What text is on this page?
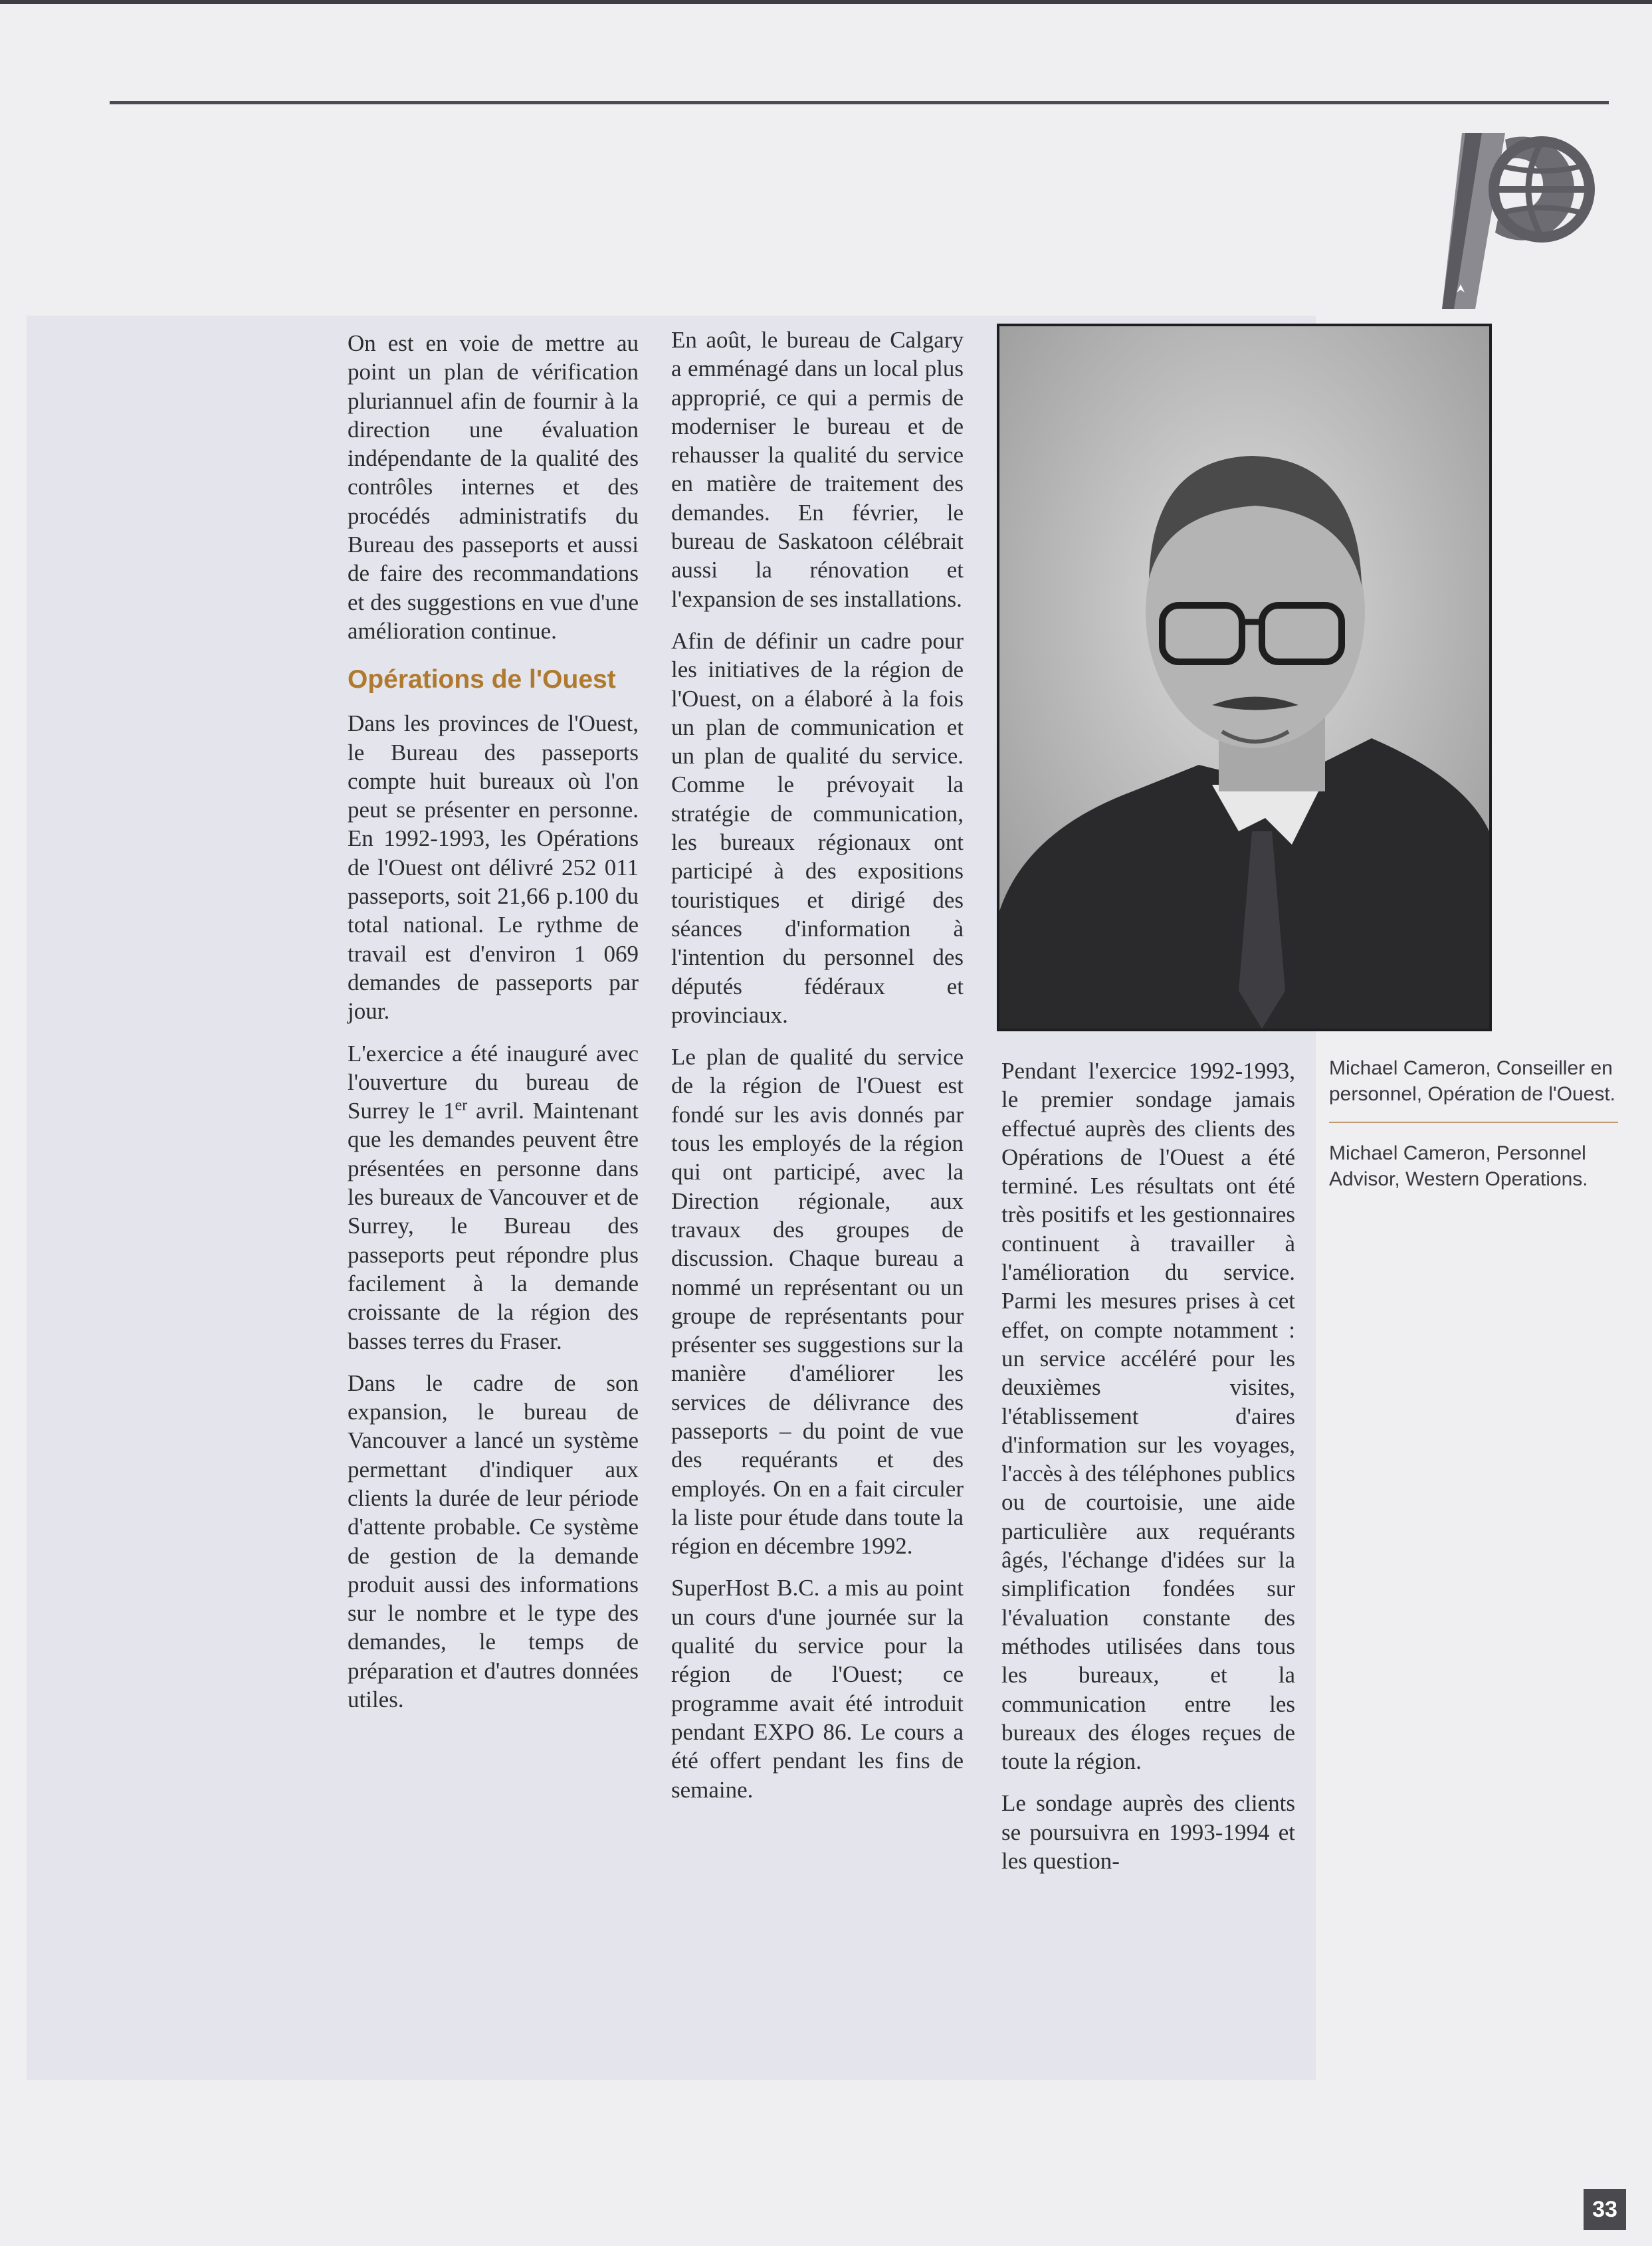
On est en voie de mettre au point un plan de vérification pluriannuel afin de fournir à la direction une évaluation indépendante de la qualité des contrôles internes et des procédés administratifs du Bureau des passeports et aussi de faire des recommandations et des suggestions en vue d'une amélioration continue.

Opérations de l'Ouest

Dans les provinces de l'Ouest, le Bureau des passeports compte huit bureaux où l'on peut se présenter en personne. En 1992-1993, les Opérations de l'Ouest ont délivré 252 011 passeports, soit 21,66 p.100 du total national. Le rythme de travail est d'environ 1 069 demandes de passeports par jour.

L'exercice a été inauguré avec l'ouverture du bureau de Surrey le 1er avril. Maintenant que les demandes peuvent être présentées en personne dans les bureaux de Vancouver et de Surrey, le Bureau des passeports peut répondre plus facilement à la demande croissante de la région des basses terres du Fraser.

Dans le cadre de son expansion, le bureau de Vancouver a lancé un système permettant d'indiquer aux clients la durée de leur période d'attente probable. Ce système de gestion de la demande produit aussi des informations sur le nombre et le type des demandes, le temps de préparation et d'autres données utiles.

En août, le bureau de Calgary a emménagé dans un local plus approprié, ce qui a permis de moderniser le bureau et de rehausser la qualité du service en matière de traitement des demandes. En février, le bureau de Saskatoon célébrait aussi la rénovation et l'expansion de ses installations.

Afin de définir un cadre pour les initiatives de la région de l'Ouest, on a élaboré à la fois un plan de communication et un plan de qualité du service. Comme le prévoyait la stratégie de communication, les bureaux régionaux ont participé à des expositions touristiques et dirigé des séances d'information à l'intention du personnel des députés fédéraux et provinciaux.

Le plan de qualité du service de la région de l'Ouest est fondé sur les avis donnés par tous les employés de la région qui ont participé, avec la Direction régionale, aux travaux des groupes de discussion. Chaque bureau a nommé un représentant ou un groupe de représentants pour présenter ses suggestions sur la manière d'améliorer les services de délivrance des passeports – du point de vue des requérants et des employés. On en a fait circuler la liste pour étude dans toute la région en décembre 1992.

SuperHost B.C. a mis au point un cours d'une journée sur la qualité du service pour la région de l'Ouest; ce programme avait été introduit pendant EXPO 86. Le cours a été offert pendant les fins de semaine.

Pendant l'exercice 1992-1993, le premier sondage jamais effectué auprès des clients des Opérations de l'Ouest a été terminé. Les résultats ont été très positifs et les gestionnaires continuent à travailler à l'amélioration du service. Parmi les mesures prises à cet effet, on compte notamment : un service accéléré pour les deuxièmes visites, l'établissement d'aires d'information sur les voyages, l'accès à des téléphones publics ou de courtoisie, une aide particulière aux requérants âgés, l'échange d'idées sur la simplification fondées sur l'évaluation constante des méthodes utilisées dans tous les bureaux, et la communication entre les bureaux des éloges reçues de toute la région.

Le sondage auprès des clients se poursuivra en 1993-1994 et les question-

Michael Cameron, Conseiller en personnel, Opération de l'Ouest.
Michael Cameron, Personnel Advisor, Western Operations.
33
